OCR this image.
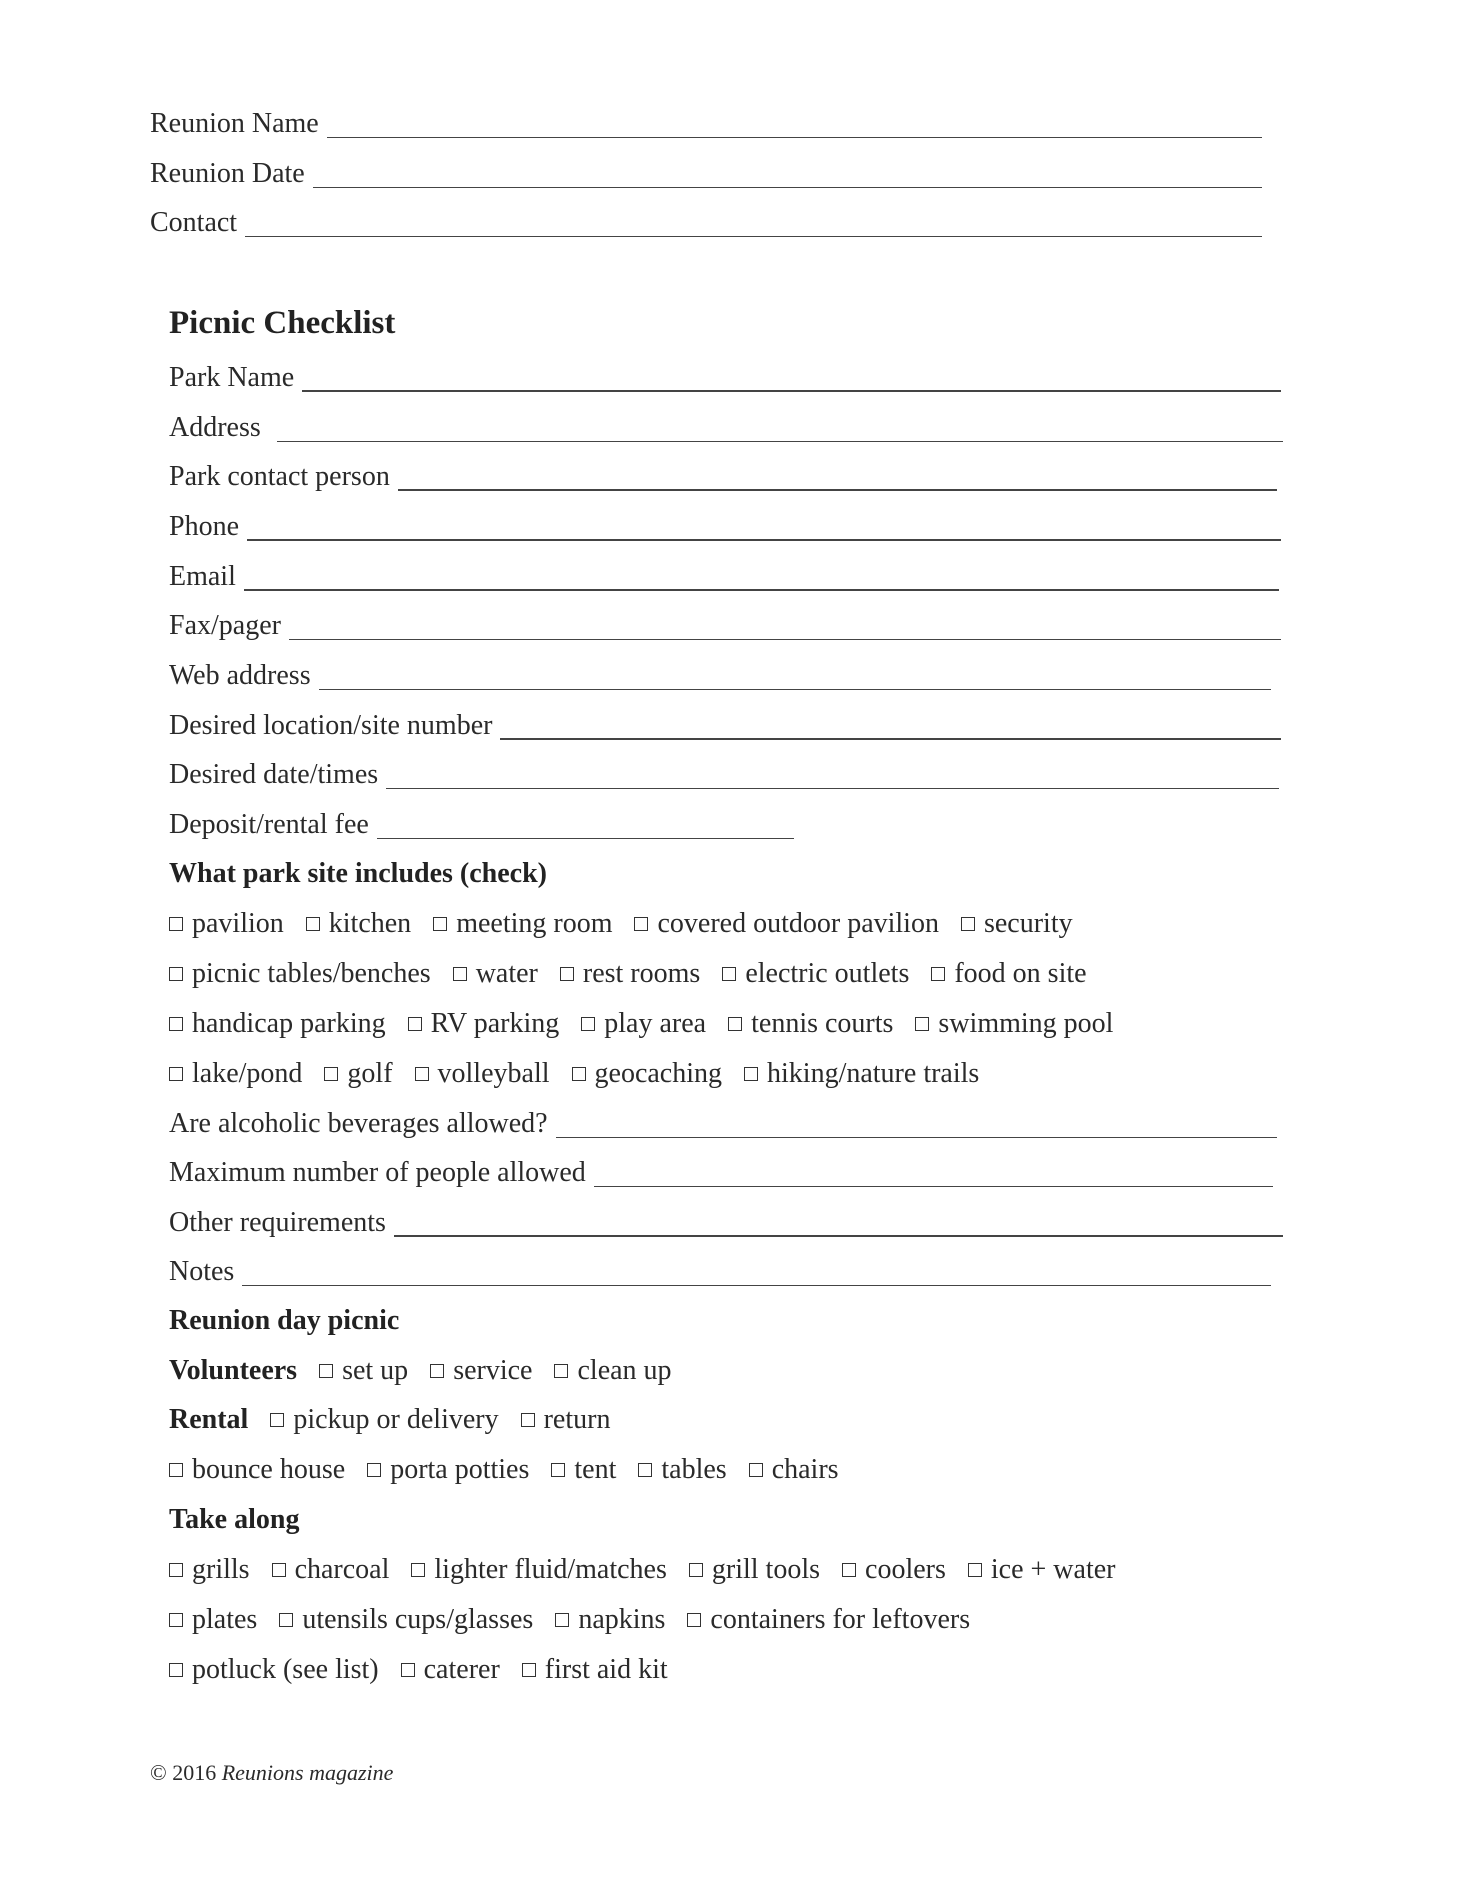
Reunion Name
Reunion Date
Contact
Picnic Checklist
Park Name
Address
Park contact person
Phone
Email
Fax/pager
Web address
Desired location/site number
Desired date/times
Deposit/rental fee
What park site includes (check)
pavilion kitchen meeting room covered outdoor pavilion security
picnic tables/benches water rest rooms electric outlets food on site
handicap parking RV parking play area tennis courts swimming pool
lake/pond golf volleyball geocaching hiking/nature trails
Are alcoholic beverages allowed?
Maximum number of people allowed
Other requirements
Notes
Reunion day picnic
Volunteers set up service clean up
Rental pickup or delivery return
bounce house porta potties tent tables chairs
Take along
grills charcoal lighter fluid/matches grill tools coolers ice + water
plates utensils cups/glasses napkins containers for leftovers
potluck (see list) caterer first aid kit
© 2016 Reunions magazine
